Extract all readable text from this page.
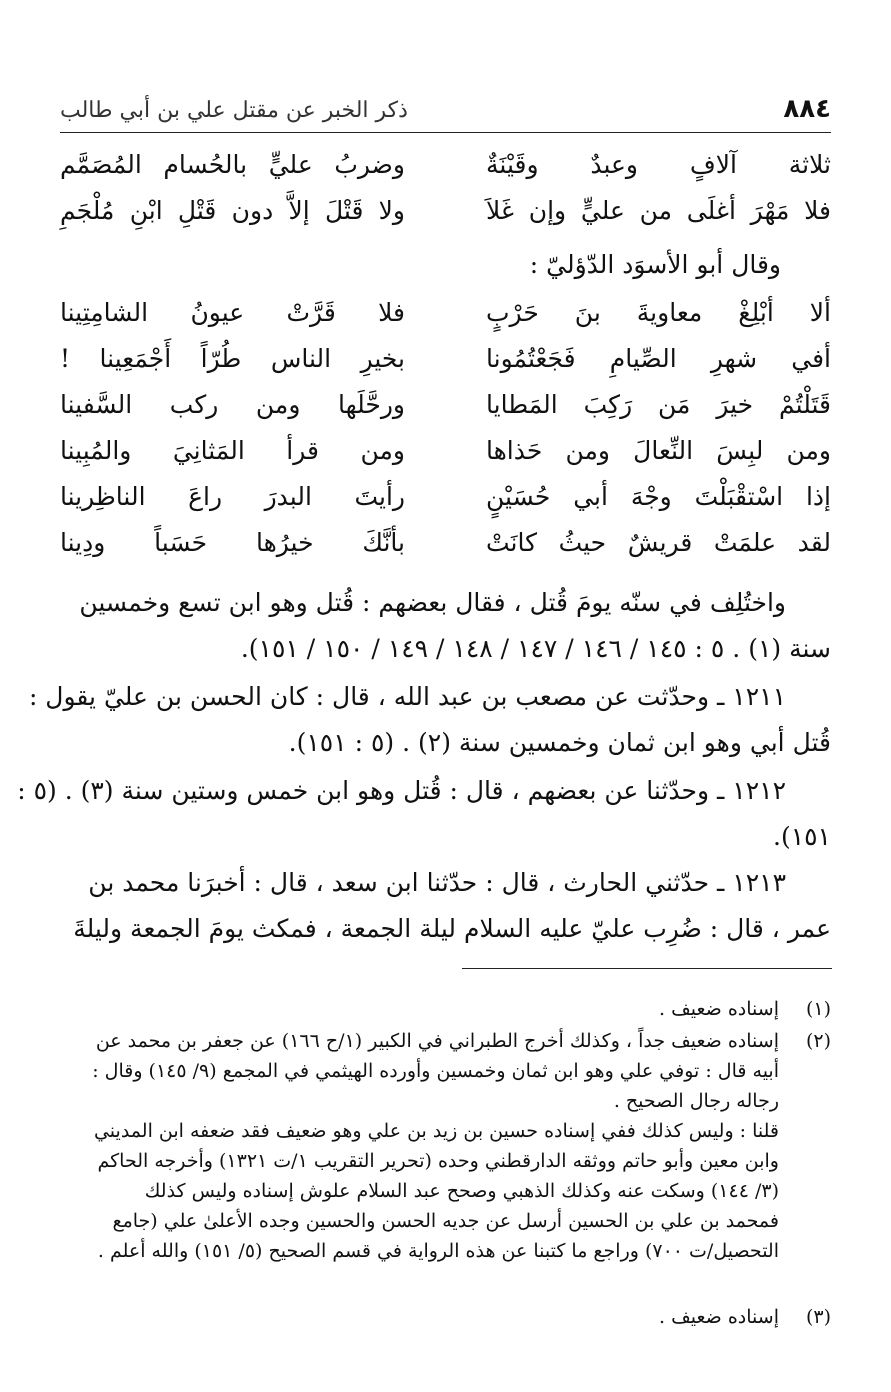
٨٨٤
ذكر الخبر عن مقتل علي بن أبي طالب
ثلاثة آلافٍ وعبدٌ وقَيْنَةٌ
وضربُ عليٍّ بالحُسام المُصَمَّم
فلا مَهْرَ أغلَى من عليٍّ وإن غَلاَ
ولا قَتْلَ إلاَّ دون قَتْلِ ابْنِ مُلْجَمِ
وقال أبو الأسوَد الدّؤليّ :
ألا أبْلِغْ معاويةَ بنَ حَرْبٍ
فلا قَرَّتْ عيونُ الشامِتِينا
أفي شهرِ الصِّيامِ فَجَعْتُمُونا
بخيرِ الناس طُرّاً أَجْمَعِينا !
قَتَلْتُمْ خيرَ مَن رَكِبَ المَطايا
ورحَّلَها ومن ركب السَّفينا
ومن لبِسَ النِّعالَ ومن حَذاها
ومن قرأ المَثانِيَ والمُبِينا
إذا اسْتقْبَلْتَ وجْهَ أبي حُسَيْنٍ
رأيتَ البدرَ راعَ الناظِرينا
لقد علمَتْ قريشٌ حيثُ كانَتْ
بأنَّكَ خيرُها حَسَباً ودِينا
واختُلِف في سنّه يومَ قُتل ، فقال بعضهم : قُتل وهو ابن تسع وخمسين
سنة (١) . ٥ : ١٤٥ / ١٤٦ / ١٤٧ / ١٤٨ / ١٤٩ / ١٥٠ / ١٥١).
١٢١١ ـ وحدّثت عن مصعب بن عبد الله ، قال : كان الحسن بن عليّ يقول :
قُتل أبي وهو ابن ثمان وخمسين سنة (٢) . (٥ : ١٥١).
١٢١٢ ـ وحدّثنا عن بعضهم ، قال : قُتل وهو ابن خمس وستين سنة (٣) . (٥ :
١٥١).
١٢١٣ ـ حدّثني الحارث ، قال : حدّثنا ابن سعد ، قال : أخبرَنا محمد بن
عمر ، قال : ضُرِب عليّ عليه السلام ليلة الجمعة ، فمكث يومَ الجمعة وليلةَ
(١)
إسناده ضعيف .
(٢)
إسناده ضعيف جداً ، وكذلك أخرج الطبراني في الكبير (١/ح ١٦٦) عن جعفر بن محمد عن
أبيه قال : توفي علي وهو ابن ثمان وخمسين وأورده الهيثمي في المجمع (٩/ ١٤٥) وقال :
رجاله رجال الصحيح .
قلنا : وليس كذلك ففي إسناده حسين بن زيد بن علي وهو ضعيف فقد ضعفه ابن المديني
وابن معين وأبو حاتم ووثقه الدارقطني وحده (تحرير التقريب ١/ت ١٣٢١) وأخرجه الحاكم
(٣/ ١٤٤) وسكت عنه وكذلك الذهبي وصحح عبد السلام علوش إسناده وليس كذلك
فمحمد بن علي بن الحسين أرسل عن جديه الحسن والحسين وجده الأعلىٰ علي (جامع
التحصيل/ت ٧٠٠) وراجع ما كتبنا عن هذه الرواية في قسم الصحيح (٥/ ١٥١) والله أعلم .
(٣)
إسناده ضعيف .
